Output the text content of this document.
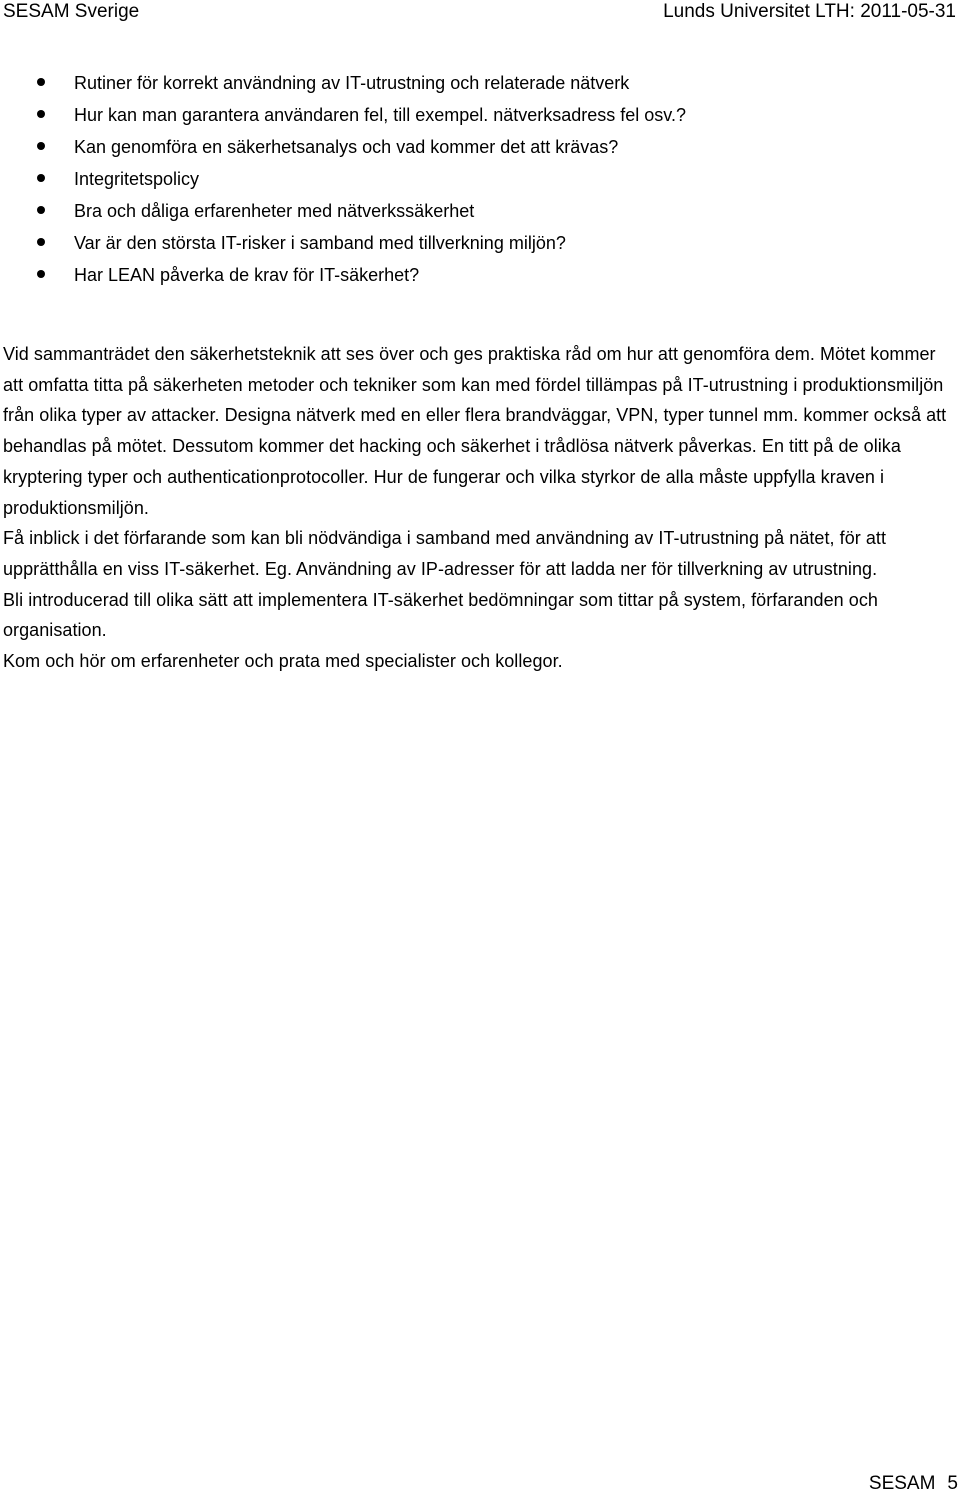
SESAM Sverige	Lunds Universitet LTH: 2011-05-31
Rutiner för korrekt användning av IT-utrustning och relaterade nätverk
Hur kan man garantera användaren fel, till exempel. nätverksadress fel osv.?
Kan genomföra en säkerhetsanalys och vad kommer det att krävas?
Integritetspolicy
Bra och dåliga erfarenheter med nätverkssäkerhet
Var är den största IT-risker i samband med tillverkning miljön?
Har LEAN påverka de krav för IT-säkerhet?

Vid sammanträdet den säkerhetsteknik att ses över och ges praktiska råd om hur att genomföra dem. Mötet kommer att omfatta titta på säkerheten metoder och tekniker som kan med fördel tillämpas på IT-utrustning i produktionsmiljön från olika typer av attacker. Designa nätverk med en eller flera brandväggar, VPN, typer tunnel mm. kommer också att behandlas på mötet. Dessutom kommer det hacking och säkerhet i trådlösa nätverk påverkas. En titt på de olika kryptering typer och authenticationprotocoller. Hur de fungerar och vilka styrkor de alla måste uppfylla kraven i produktionsmiljön.

Få inblick i det förfarande som kan bli nödvändiga i samband med användning av IT-utrustning på nätet, för att upprätthålla en viss IT-säkerhet. Eg. Användning av IP-adresser för att ladda ner för tillverkning av utrustning.

Bli introducerad till olika sätt att implementera IT-säkerhet bedömningar som tittar på system, förfaranden och organisation.

Kom och hör om erfarenheter och prata med specialister och kollegor.

SESAM 5
